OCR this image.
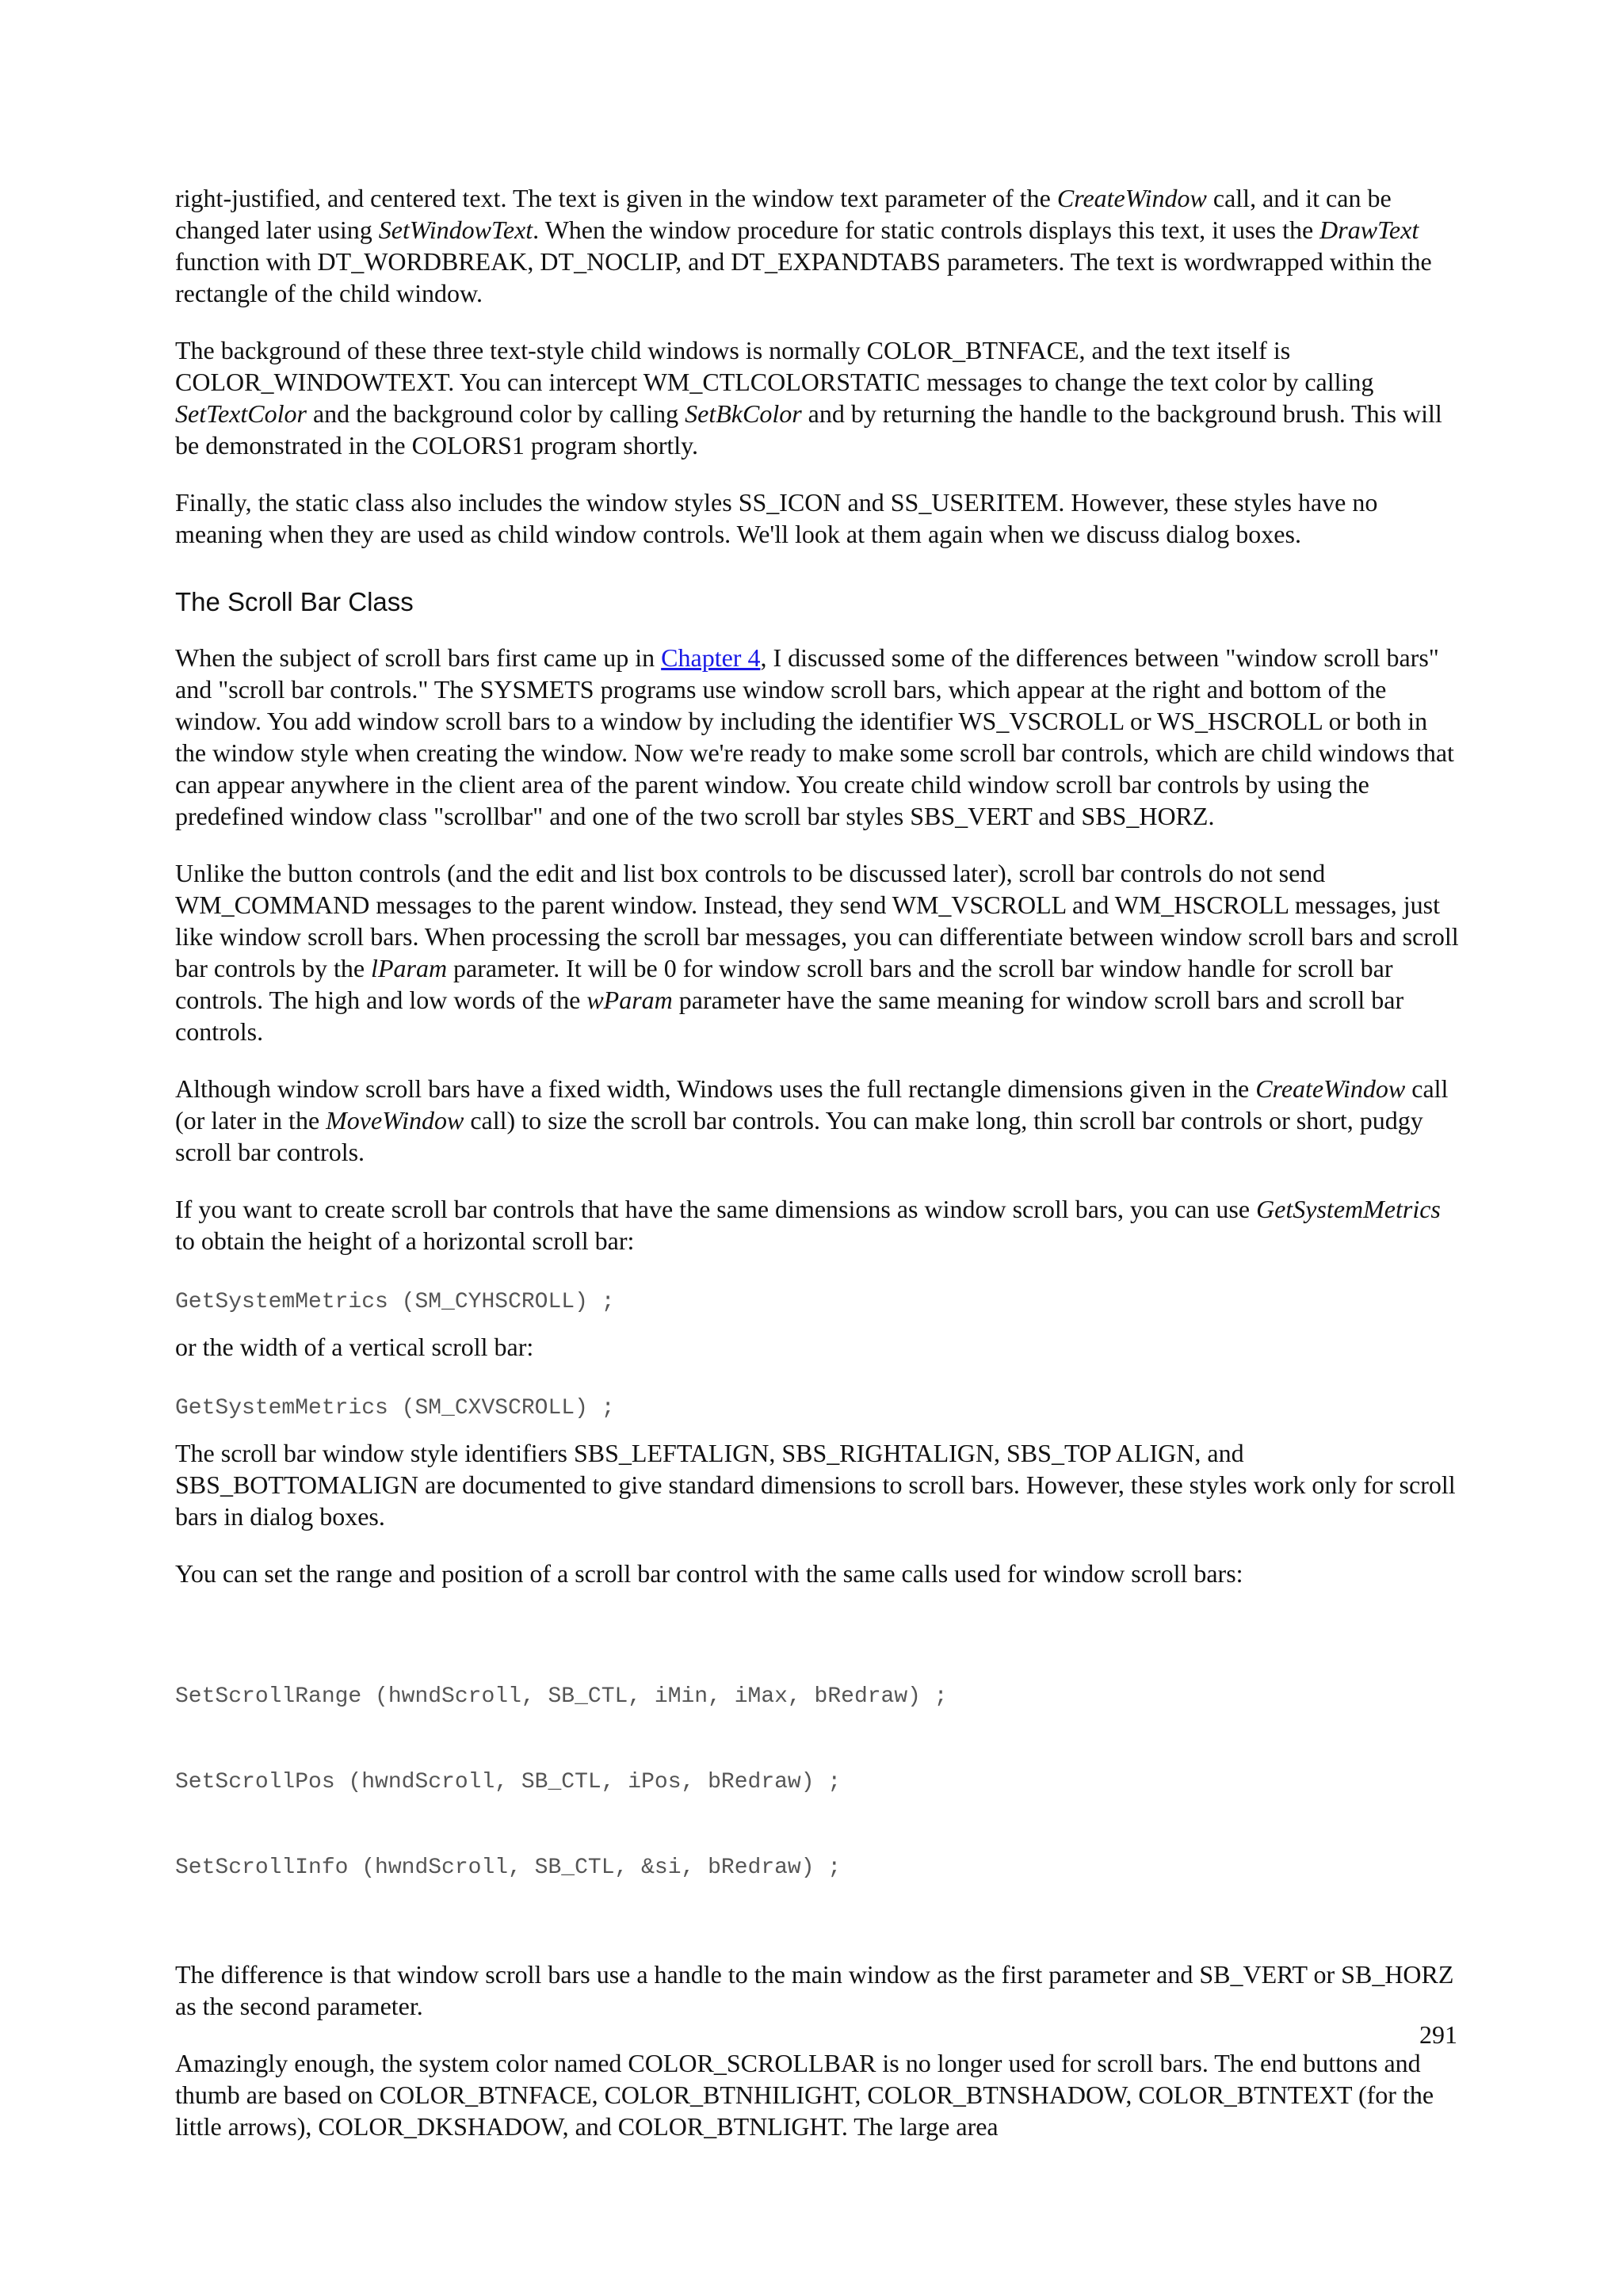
right-justified, and centered text. The text is given in the window text parameter of the CreateWindow call, and it can be changed later using SetWindowText. When the window procedure for static controls displays this text, it uses the DrawText function with DT_WORDBREAK, DT_NOCLIP, and DT_EXPANDTABS parameters. The text is wordwrapped within the rectangle of the child window.

The background of these three text-style child windows is normally COLOR_BTNFACE, and the text itself is COLOR_WINDOWTEXT. You can intercept WM_CTLCOLORSTATIC messages to change the text color by calling SetTextColor and the background color by calling SetBkColor and by returning the handle to the background brush. This will be demonstrated in the COLORS1 program shortly.

Finally, the static class also includes the window styles SS_ICON and SS_USERITEM. However, these styles have no meaning when they are used as child window controls. We'll look at them again when we discuss dialog boxes.

The Scroll Bar Class

When the subject of scroll bars first came up in Chapter 4, I discussed some of the differences between "window scroll bars" and "scroll bar controls." The SYSMETS programs use window scroll bars, which appear at the right and bottom of the window. You add window scroll bars to a window by including the identifier WS_VSCROLL or WS_HSCROLL or both in the window style when creating the window. Now we're ready to make some scroll bar controls, which are child windows that can appear anywhere in the client area of the parent window. You create child window scroll bar controls by using the predefined window class "scrollbar" and one of the two scroll bar styles SBS_VERT and SBS_HORZ.

Unlike the button controls (and the edit and list box controls to be discussed later), scroll bar controls do not send WM_COMMAND messages to the parent window. Instead, they send WM_VSCROLL and WM_HSCROLL messages, just like window scroll bars. When processing the scroll bar messages, you can differentiate between window scroll bars and scroll bar controls by the lParam parameter. It will be 0 for window scroll bars and the scroll bar window handle for scroll bar controls. The high and low words of the wParam parameter have the same meaning for window scroll bars and scroll bar controls.

Although window scroll bars have a fixed width, Windows uses the full rectangle dimensions given in the CreateWindow call (or later in the MoveWindow call) to size the scroll bar controls. You can make long, thin scroll bar controls or short, pudgy scroll bar controls.

If you want to create scroll bar controls that have the same dimensions as window scroll bars, you can use GetSystemMetrics to obtain the height of a horizontal scroll bar:

GetSystemMetrics (SM_CYHSCROLL) ;

or the width of a vertical scroll bar:

GetSystemMetrics (SM_CXVSCROLL) ;

The scroll bar window style identifiers SBS_LEFTALIGN, SBS_RIGHTALIGN, SBS_TOP ALIGN, and SBS_BOTTOMALIGN are documented to give standard dimensions to scroll bars. However, these styles work only for scroll bars in dialog boxes.

You can set the range and position of a scroll bar control with the same calls used for window scroll bars:

SetScrollRange (hwndScroll, SB_CTL, iMin, iMax, bRedraw) ;

SetScrollPos (hwndScroll, SB_CTL, iPos, bRedraw) ;

SetScrollInfo (hwndScroll, SB_CTL, &si, bRedraw) ;

The difference is that window scroll bars use a handle to the main window as the first parameter and SB_VERT or SB_HORZ as the second parameter.

Amazingly enough, the system color named COLOR_SCROLLBAR is no longer used for scroll bars. The end buttons and thumb are based on COLOR_BTNFACE, COLOR_BTNHILIGHT, COLOR_BTNSHADOW, COLOR_BTNTEXT (for the little arrows), COLOR_DKSHADOW, and COLOR_BTNLIGHT. The large area

291
